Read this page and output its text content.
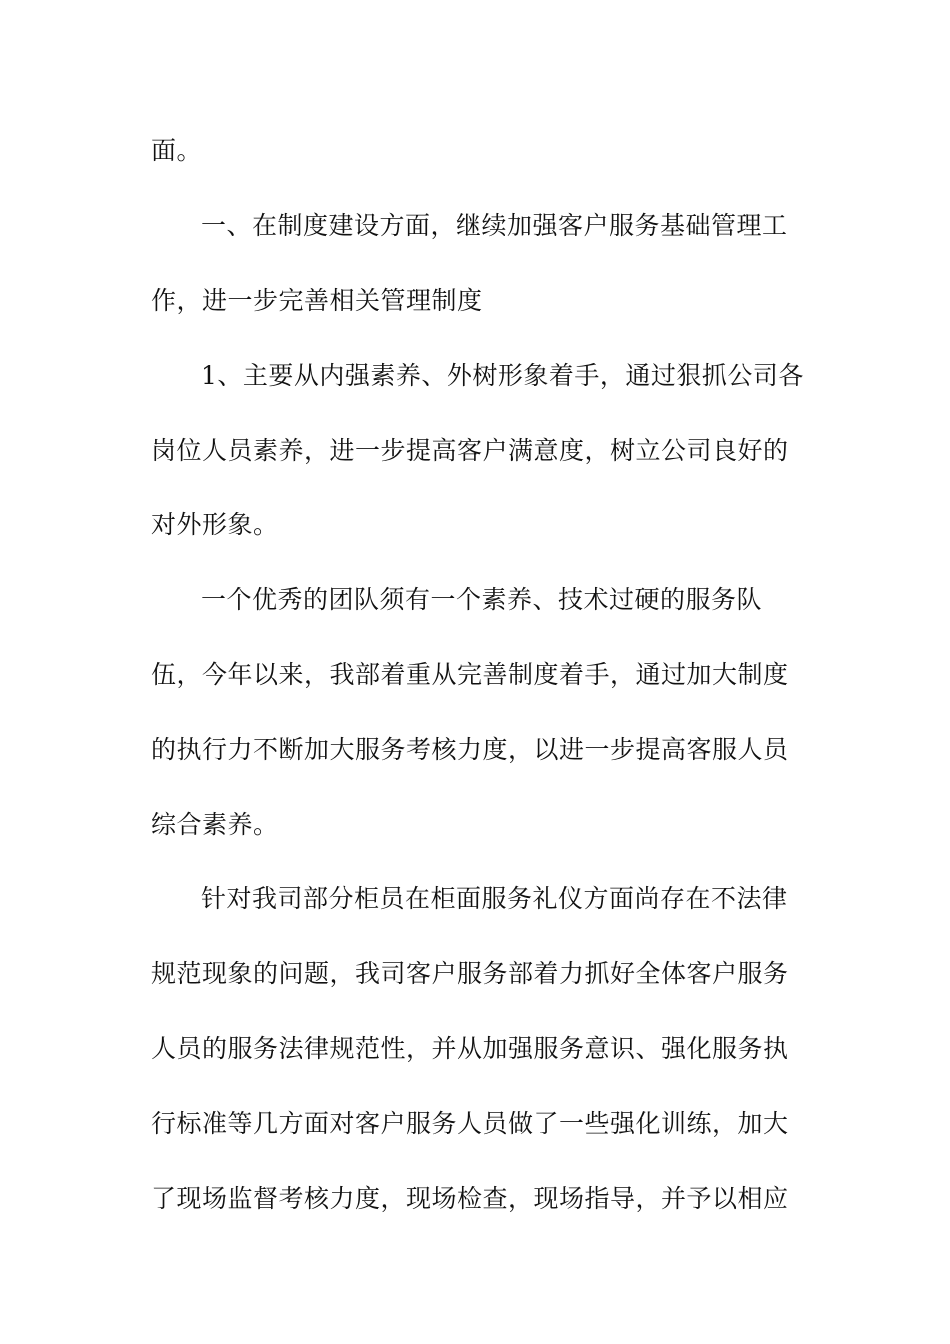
面。
一、在制度建设方面，继续加强客户服务基础管理工
作，进一步完善相关管理制度
1、主要从内强素养、外树形象着手，通过狠抓公司各
岗位人员素养，进一步提高客户满意度，树立公司良好的
对外形象。
一个优秀的团队须有一个素养、技术过硬的服务队
伍，今年以来，我部着重从完善制度着手，通过加大制度
的执行力不断加大服务考核力度，以进一步提高客服人员
综合素养。
针对我司部分柜员在柜面服务礼仪方面尚存在不法律
规范现象的问题，我司客户服务部着力抓好全体客户服务
人员的服务法律规范性，并从加强服务意识、强化服务执
行标准等几方面对客户服务人员做了一些强化训练，加大
了现场监督考核力度，现场检查，现场指导，并予以相应
